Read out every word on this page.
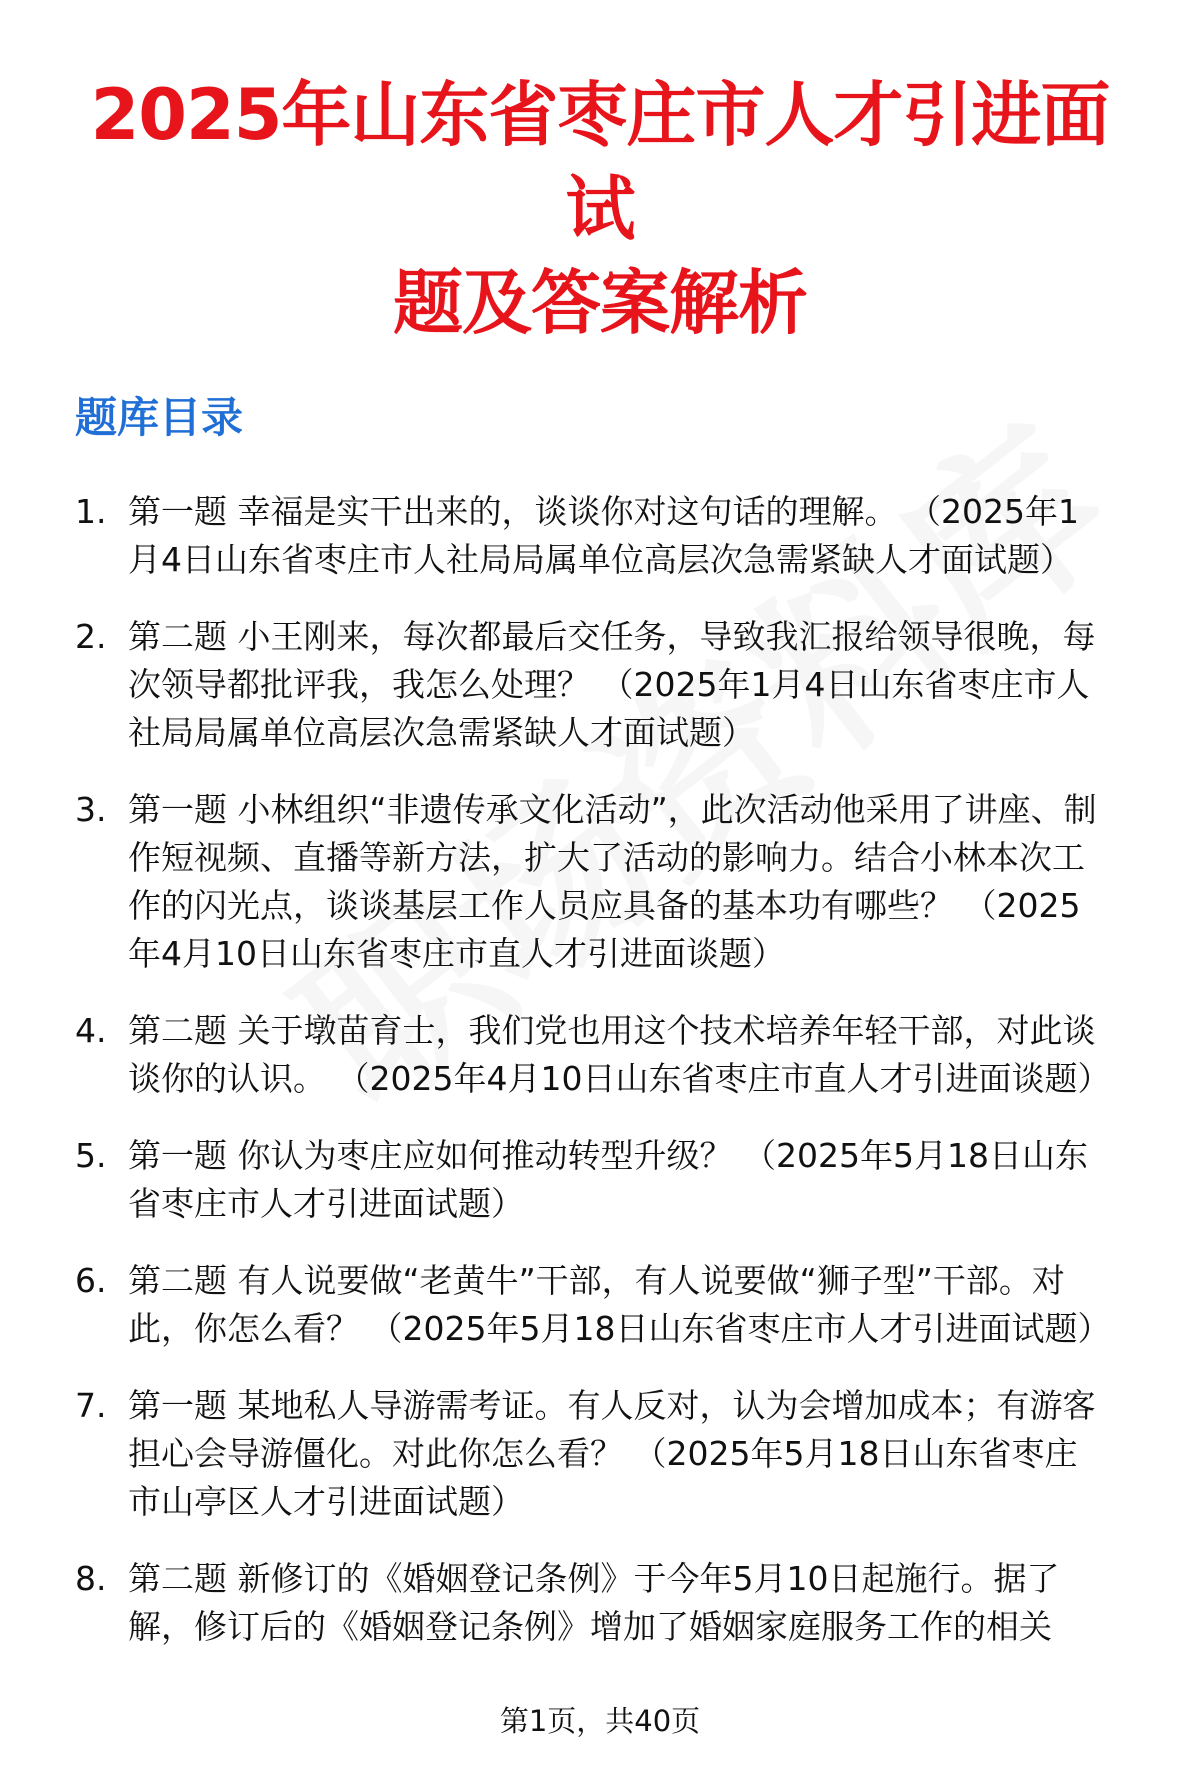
2025年山东省枣庄市人才引进面试
题及答案解析
题库目录
1. 第一题 幸福是实干出来的，谈谈你对这句话的理解。 （2025年1月4日山东省枣庄市人社局局属单位高层次急需紧缺人才面试题）
2. 第二题 小王刚来，每次都最后交任务，导致我汇报给领导很晚，每次领导都批评我，我怎么处理？ （2025年1月4日山东省枣庄市人社局局属单位高层次急需紧缺人才面试题）
3. 第一题 小林组织“非遗传承文化活动”，此次活动他采用了讲座、制作短视频、直播等新方法，扩大了活动的影响力。结合小林本次工作的闪光点，谈谈基层工作人员应具备的基本功有哪些？ （2025年4月10日山东省枣庄市直人才引进面谈题）
4. 第二题 关于墩苗育士，我们党也用这个技术培养年轻干部，对此谈谈你的认识。 （2025年4月10日山东省枣庄市直人才引进面谈题）
5. 第一题 你认为枣庄应如何推动转型升级？ （2025年5月18日山东省枣庄市人才引进面试题）
6. 第二题 有人说要做“老黄牛”干部，有人说要做“狮子型”干部。对此，你怎么看？ （2025年5月18日山东省枣庄市人才引进面试题）
7. 第一题 某地私人导游需考证。有人反对，认为会增加成本；有游客担心会导游僵化。对此你怎么看？ （2025年5月18日山东省枣庄市山亭区人才引进面试题）
8. 第二题 新修订的《婚姻登记条例》于今年5月10日起施行。据了解，修订后的《婚姻登记条例》增加了婚姻家庭服务工作的相关
第1页，共40页
